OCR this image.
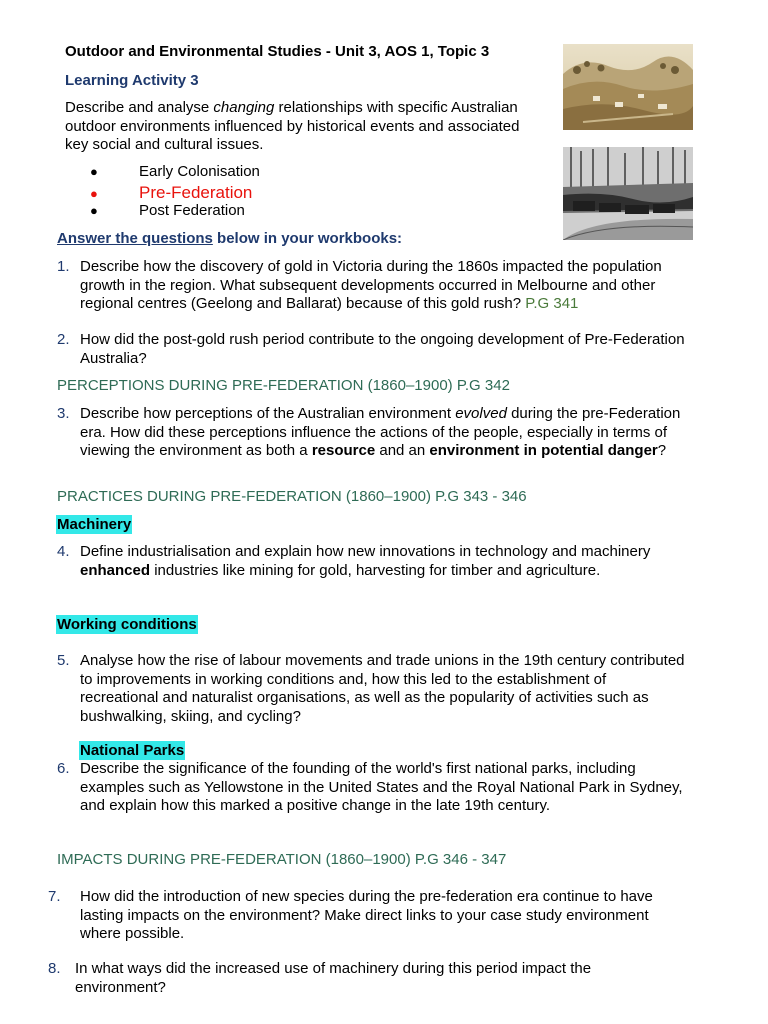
Outdoor and Environmental Studies - Unit 3, AOS 1, Topic 3
Learning Activity 3
Describe and analyse changing relationships with specific Australian outdoor environments influenced by historical events and associated key social and cultural issues.
●	Early Colonisation
●	Pre-Federation
●	Post Federation
Answer the questions below in your workbooks:
1. Describe how the discovery of gold in Victoria during the 1860s impacted the population growth in the region. What subsequent developments occurred in Melbourne and other regional centres (Geelong and Ballarat) because of this gold rush? P.G 341
2. How did the post-gold rush period contribute to the ongoing development of Pre-Federation Australia?
PERCEPTIONS DURING PRE-FEDERATION (1860–1900) P.G 342
3. Describe how perceptions of the Australian environment evolved during the pre-Federation era. How did these perceptions influence the actions of the people, especially in terms of viewing the environment as both a resource and an environment in potential danger?
PRACTICES DURING PRE-FEDERATION (1860–1900) P.G 343 - 346
Machinery
4. Define industrialisation and explain how new innovations in technology and machinery enhanced industries like mining for gold, harvesting for timber and agriculture.
Working conditions
5. Analyse how the rise of labour movements and trade unions in the 19th century contributed to improvements in working conditions and, how this led to the establishment of recreational and naturalist organisations, as well as the popularity of activities such as bushwalking, skiing, and cycling?
National Parks
6. Describe the significance of the founding of the world's first national parks, including examples such as Yellowstone in the United States and the Royal National Park in Sydney, and explain how this marked a positive change in the late 19th century.
IMPACTS DURING PRE-FEDERATION (1860–1900) P.G 346 - 347
7.	How did the introduction of new species during the pre-federation era continue to have lasting impacts on the environment? Make direct links to your case study environment where possible.
8. In what ways did the increased use of machinery during this period impact the environment?
